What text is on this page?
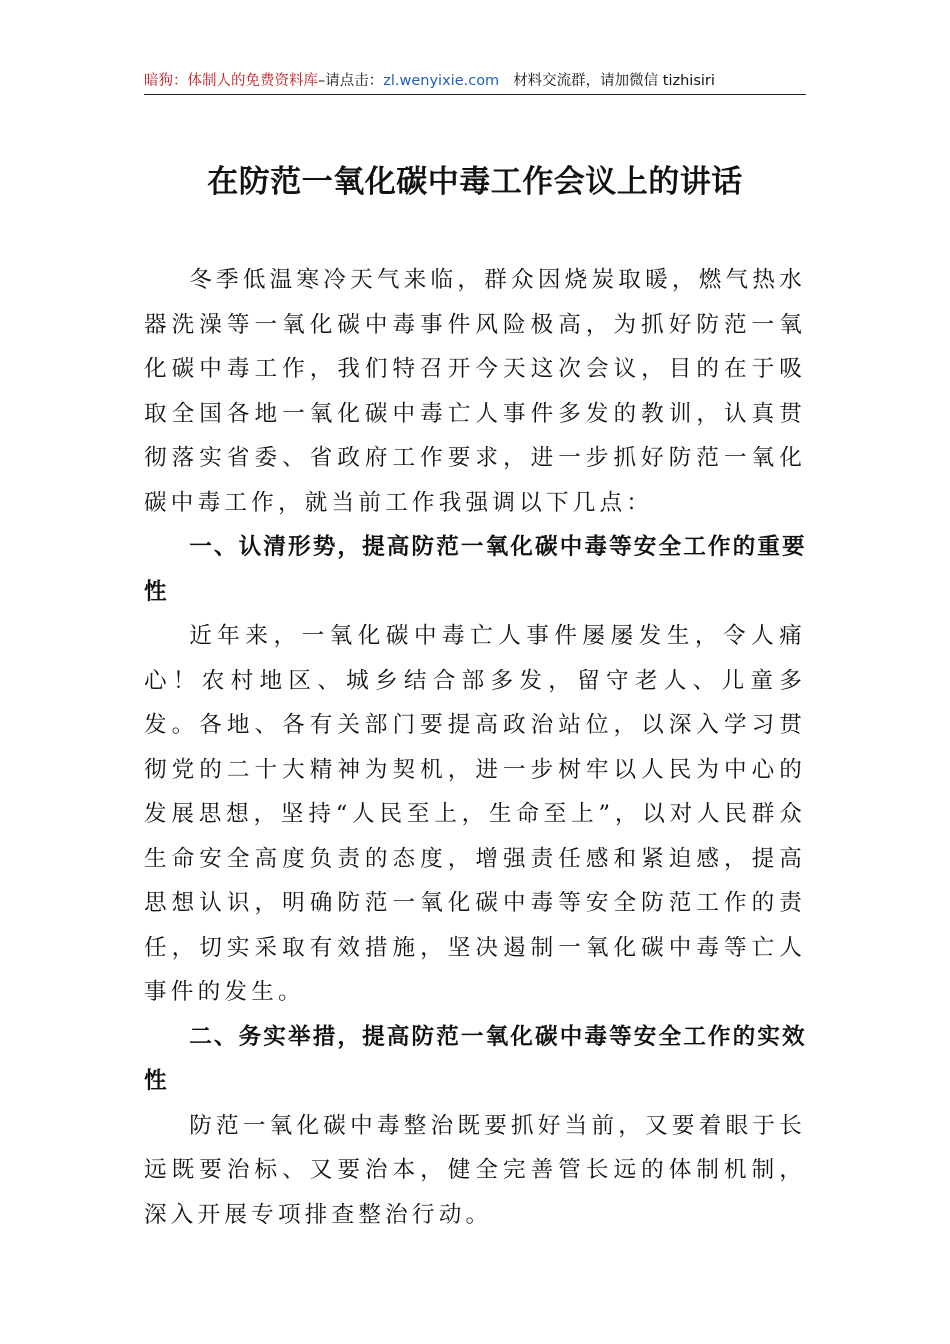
暗狗：体制人的免费资料库–请点击：zl.wenyixie.com 材料交流群，请加微信 tizhisiri
在防范一氧化碳中毒工作会议上的讲话

冬季低温寒冷天气来临，群众因烧炭取暖，燃气热水器洗澡等一氧化碳中毒事件风险极高，为抓好防范一氧化碳中毒工作，我们特召开今天这次会议，目的在于吸取全国各地一氧化碳中毒亡人事件多发的教训，认真贯彻落实省委、省政府工作要求，进一步抓好防范一氧化碳中毒工作，就当前工作我强调以下几点：

一、认清形势，提高防范一氧化碳中毒等安全工作的重要性

近年来，一氧化碳中毒亡人事件屡屡发生，令人痛心！农村地区、城乡结合部多发，留守老人、儿童多发。各地、各有关部门要提高政治站位，以深入学习贯彻党的二十大精神为契机，进一步树牢以人民为中心的发展思想，坚持“人民至上，生命至上”，以对人民群众生命安全高度负责的态度，增强责任感和紧迫感，提高思想认识，明确防范一氧化碳中毒等安全防范工作的责任，切实采取有效措施，坚决遏制一氧化碳中毒等亡人事件的发生。

二、务实举措，提高防范一氧化碳中毒等安全工作的实效性

防范一氧化碳中毒整治既要抓好当前，又要着眼于长远既要治标、又要治本，健全完善管长远的体制机制，深入开展专项排查整治行动。
